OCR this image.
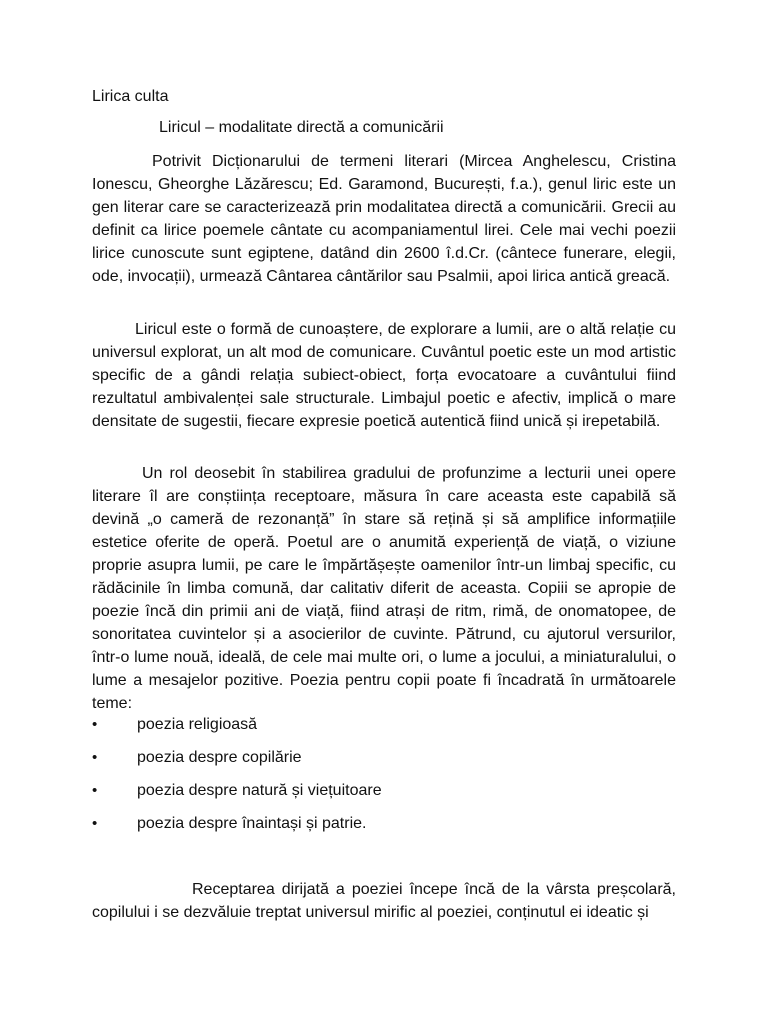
Lirica culta
Liricul – modalitate directă a comunicării

Potrivit Dicționarului de termeni literari (Mircea Anghelescu, Cristina Ionescu, Gheorghe Lăzărescu; Ed. Garamond, București, f.a.), genul liric este un gen literar care se caracterizează prin modalitatea directă a comunicării. Grecii au definit ca lirice poemele cântate cu acompaniamentul lirei. Cele mai vechi poezii lirice cunoscute sunt egiptene, datând din 2600 î.d.Cr. (cântece funerare, elegii, ode, invocații), urmează Cântarea cântărilor sau Psalmii, apoi lirica antică greacă.

Liricul este o formă de cunoaștere, de explorare a lumii, are o altă relație cu universul explorat, un alt mod de comunicare. Cuvântul poetic este un mod artistic specific de a gândi relația subiect-obiect, forța evocatoare a cuvântului fiind rezultatul ambivalenței sale structurale. Limbajul poetic e afectiv, implică o mare densitate de sugestii, fiecare expresie poetică autentică fiind unică și irepetabilă.

Un rol deosebit în stabilirea gradului de profunzime a lecturii unei opere literare îl are conștiința receptoare, măsura în care aceasta este capabilă să devină „o cameră de rezonanță” în stare să rețină și să amplifice informațiile estetice oferite de operă. Poetul are o anumită experiență de viață, o viziune proprie asupra lumii, pe care le împărtășește oamenilor într-un limbaj specific, cu rădăcinile în limba comună, dar calitativ diferit de aceasta. Copiii se apropie de poezie încă din primii ani de viață, fiind atrași de ritm, rimă, de onomatopee, de sonoritatea cuvintelor și a asocierilor de cuvinte. Pătrund, cu ajutorul versurilor, într-o lume nouă, ideală, de cele mai multe ori, o lume a jocului, a miniaturalului, o lume a mesajelor pozitive. Poezia pentru copii poate fi încadrată în următoarele teme:

•	poezia religioasă
•	poezia despre copilărie
•	poezia despre natură și viețuitoare
•	poezia despre înaintași și patrie.

Receptarea dirijată a poeziei începe încă de la vârsta preșcolară, copilului i se dezvăluie treptat universul mirific al poeziei, conținutul ei ideatic și
